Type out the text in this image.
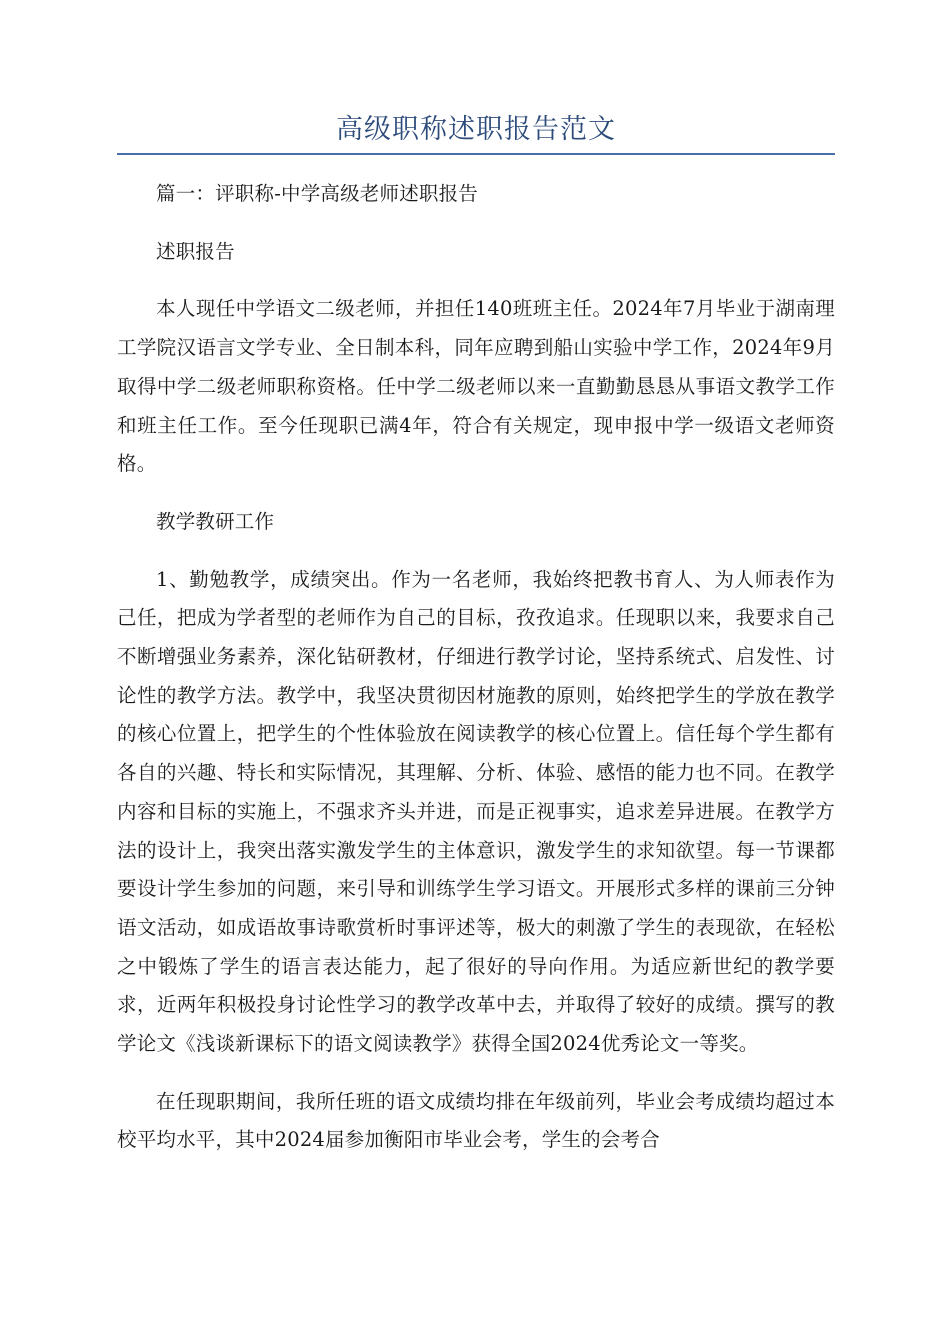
高级职称述职报告范文

篇一：评职称-中学高级老师述职报告

述职报告

本人现任中学语文二级老师，并担任140班班主任。2024年7月毕业于湖南理工学院汉语言文学专业、全日制本科，同年应聘到船山实验中学工作，2024年9月取得中学二级老师职称资格。任中学二级老师以来一直勤勤恳恳从事语文教学工作和班主任工作。至今任现职已满4年，符合有关规定，现申报中学一级语文老师资格。

教学教研工作

1、勤勉教学，成绩突出。作为一名老师，我始终把教书育人、为人师表作为己任，把成为学者型的老师作为自己的目标，孜孜追求。任现职以来，我要求自己不断增强业务素养，深化钻研教材，仔细进行教学讨论，坚持系统式、启发性、讨论性的教学方法。教学中，我坚决贯彻因材施教的原则，始终把学生的学放在教学的核心位置上，把学生的个性体验放在阅读教学的核心位置上。信任每个学生都有各自的兴趣、特长和实际情况，其理解、分析、体验、感悟的能力也不同。在教学内容和目标的实施上，不强求齐头并进，而是正视事实，追求差异进展。在教学方法的设计上，我突出落实激发学生的主体意识，激发学生的求知欲望。每一节课都要设计学生参加的问题，来引导和训练学生学习语文。开展形式多样的课前三分钟语文活动，如成语故事诗歌赏析时事评述等，极大的刺激了学生的表现欲，在轻松之中锻炼了学生的语言表达能力，起了很好的导向作用。为适应新世纪的教学要求，近两年积极投身讨论性学习的教学改革中去，并取得了较好的成绩。撰写的教学论文《浅谈新课标下的语文阅读教学》获得全国2024优秀论文一等奖。

在任现职期间，我所任班的语文成绩均排在年级前列，毕业会考成绩均超过本校平均水平，其中2024届参加衡阳市毕业会考，学生的会考合
